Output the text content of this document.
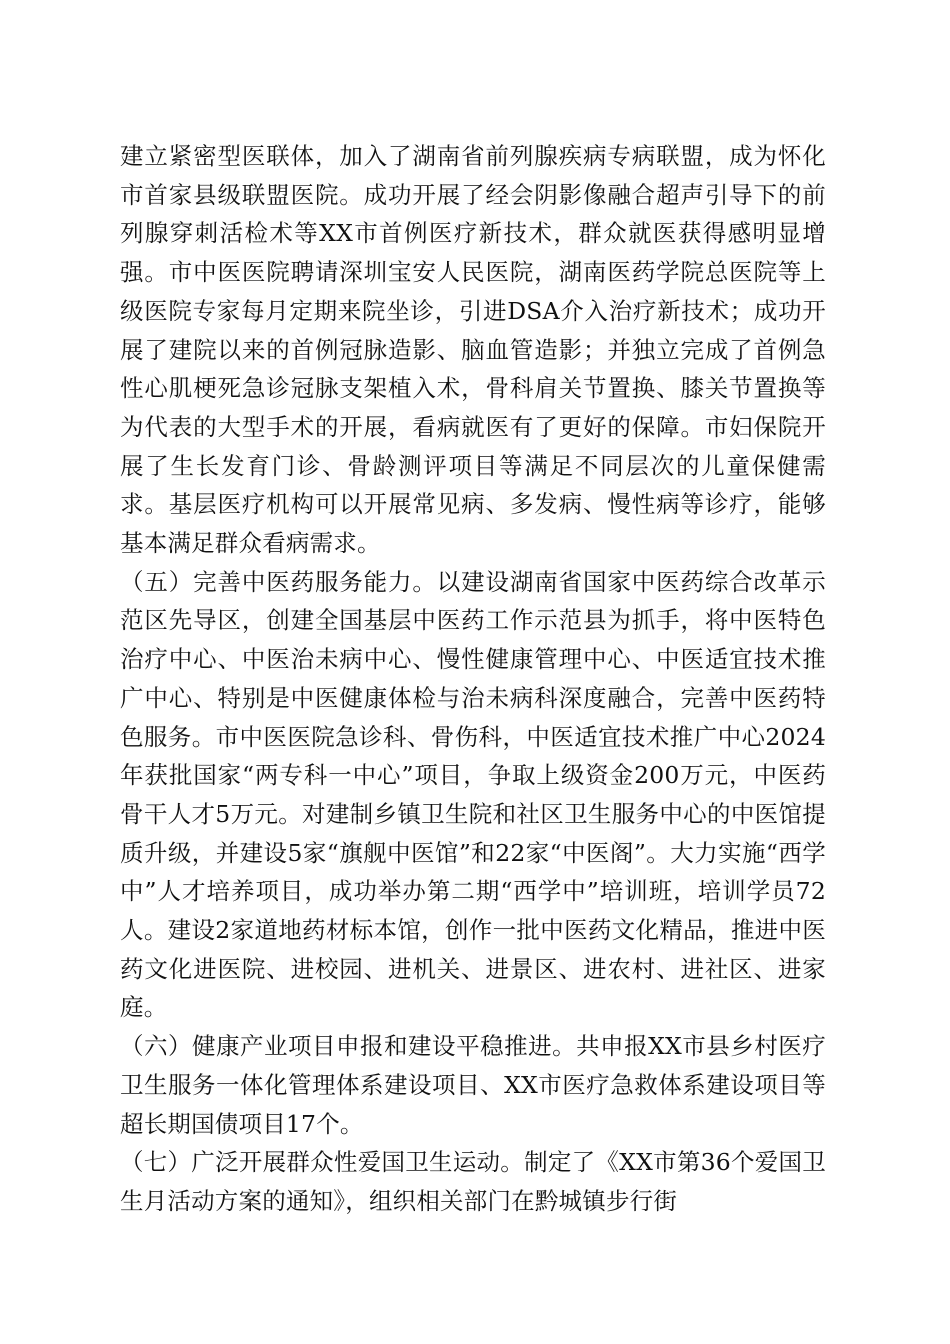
建立紧密型医联体，加入了湖南省前列腺疾病专病联盟，成为怀化市首家县级联盟医院。成功开展了经会阴影像融合超声引导下的前列腺穿刺活检术等XX市首例医疗新技术，群众就医获得感明显增强。市中医医院聘请深圳宝安人民医院，湖南医药学院总医院等上级医院专家每月定期来院坐诊，引进DSA介入治疗新技术；成功开展了建院以来的首例冠脉造影、脑血管造影；并独立完成了首例急性心肌梗死急诊冠脉支架植入术，骨科肩关节置换、膝关节置换等为代表的大型手术的开展，看病就医有了更好的保障。市妇保院开展了生长发育门诊、骨龄测评项目等满足不同层次的儿童保健需求。基层医疗机构可以开展常见病、多发病、慢性病等诊疗，能够基本满足群众看病需求。

（五）完善中医药服务能力。以建设湖南省国家中医药综合改革示范区先导区，创建全国基层中医药工作示范县为抓手，将中医特色治疗中心、中医治未病中心、慢性健康管理中心、中医适宜技术推广中心、特别是中医健康体检与治未病科深度融合，完善中医药特色服务。市中医医院急诊科、骨伤科，中医适宜技术推广中心2024年获批国家“两专科一中心”项目，争取上级资金200万元，中医药骨干人才5万元。对建制乡镇卫生院和社区卫生服务中心的中医馆提质升级，并建设5家“旗舰中医馆”和22家“中医阁”。大力实施“西学中”人才培养项目，成功举办第二期“西学中”培训班，培训学员72人。建设2家道地药材标本馆，创作一批中医药文化精品，推进中医药文化进医院、进校园、进机关、进景区、进农村、进社区、进家庭。

（六）健康产业项目申报和建设平稳推进。共申报XX市县乡村医疗卫生服务一体化管理体系建设项目、XX市医疗急救体系建设项目等超长期国债项目17个。

（七）广泛开展群众性爱国卫生运动。制定了《XX市第36个爱国卫生月活动方案的通知》，组织相关部门在黔城镇步行街
